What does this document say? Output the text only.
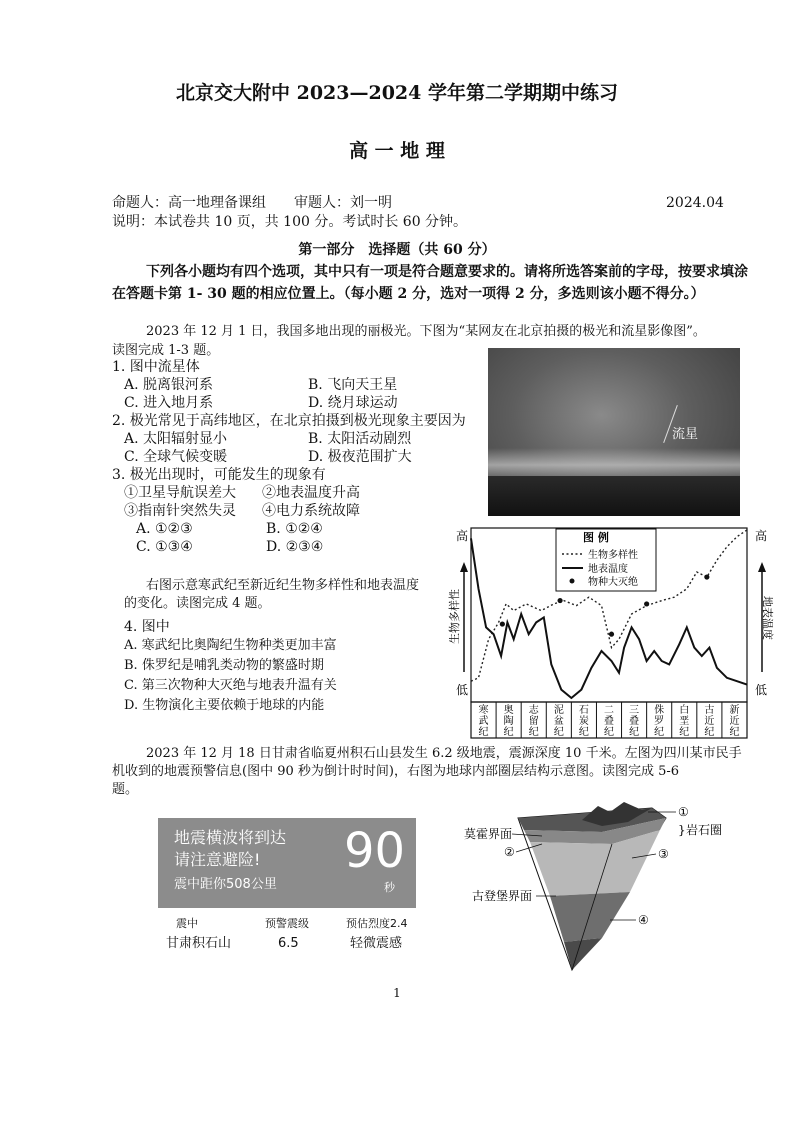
北京交大附中 2023—2024 学年第二学期期中练习
高 一 地 理
命题人：高一地理备课组　　审题人：刘一明	2024.04
说明：本试卷共 10 页，共 100 分。考试时长 60 分钟。
第一部分　选择题（共 60 分）
下列各小题均有四个选项，其中只有一项是符合题意要求的。请将所选答案前的字母，按要求填涂
在答题卡第 1- 30 题的相应位置上。（每小题 2 分，选对一项得 2 分，多选则该小题不得分。）
2023 年 12 月 1 日，我国多地出现的丽极光。下图为“某网友在北京拍摄的极光和流星影像图”。
读图完成 1-3 题。
1. 图中流星体
A. 脱离银河系	B. 飞向天王星
C. 进入地月系	D. 绕月球运动
2. 极光常见于高纬地区，在北京拍摄到极光现象主要因为
A. 太阳辐射显小	B. 太阳活动剧烈
C. 全球气候变暖	D. 极夜范围扩大
3. 极光出现时，可能发生的现象有
①卫星导航误差大 ②地表温度升高
③指南针突然失灵 ④电力系统故障
A. ①②③	B. ①②④
C. ①③④	D. ②③④
流星
右图示意寒武纪至新近纪生物多样性和地表温度
的变化。读图完成 4 题。
4. 图中
A. 寒武纪比奥陶纪生物种类更加丰富
B. 侏罗纪是哺乳类动物的繁盛时期
C. 第三次物种大灭绝与地表升温有关
D. 生物演化主要依赖于地球的内能	寒武纪
奥陶纪
志留纪
泥盆纪
石炭纪
二叠纪
三叠纪
侏罗纪
白垩纪
古近纪
新近纪
高
低
生物多样性
高
低
地表温度
图 例
生物多样性
地表温度
物种大灭绝
2023 年 12 月 18 日甘肃省临夏州积石山县发生 6.2 级地震，震源深度 10 千米。左图为四川某市民手
机收到的地震预警信息(图中 90 秒为倒计时时间)，右图为地球内部圈层结构示意图。读图完成 5-6
题。
地震横波将到达
请注意避险!
震中距你508公里
90
秒
震中	预警震级	预估烈度2.4
甘肃积石山	6.5	轻微震感
莫霍界面
②
古登堡界面
①
} 岩石圈
③
④
1
